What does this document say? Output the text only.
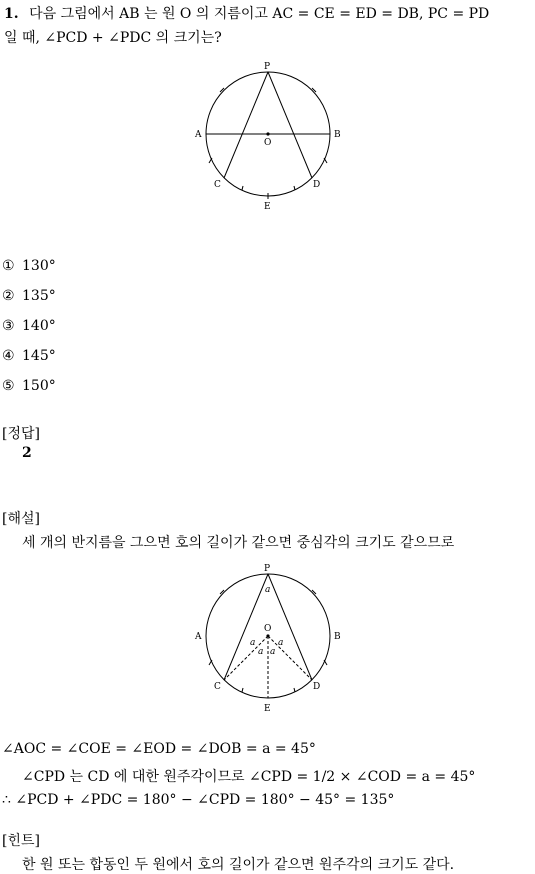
1. 다음 그림에서 AB 는 원 O 의 지름이고 AC = CE = ED = DB, PC = PD
일 때, ∠PCD + ∠PDC 의 크기는?
P
A	B
O
C	D
E
① 130°
② 135°
③ 140°
④ 145°
⑤ 150°
[정답]
2
[해설]
세 개의 반지름을 그으면 호의 길이가 같으면 중심각의 크기도 같으므로
P
A	B
O
C	D
E
a
a	a
a a
∠AOC = ∠COE = ∠EOD = ∠DOB = a = 45°
∠CPD 는 CD 에 대한 원주각이므로 ∠CPD = 1/2 × ∠COD = a = 45°
∴ ∠PCD + ∠PDC = 180° − ∠CPD = 180° − 45° = 135°
[힌트]
한 원 또는 합동인 두 원에서 호의 길이가 같으면 원주각의 크기도 같다.
